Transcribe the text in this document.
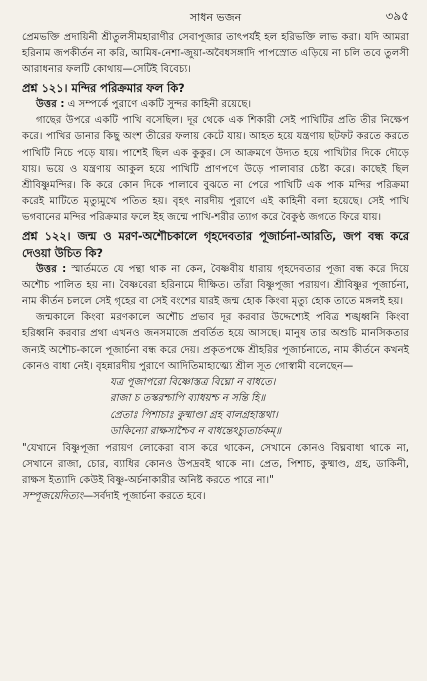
সাধন ভজন	৩৯৫

প্রেমভক্তি প্রদায়িনী শ্রীতুলসীমহারাণীর সেবাপূজার তাৎপর্যই হল হরিভক্তি লাভ করা। যদি আমরা হরিনাম জপকীর্তন না করি, আমিষ-নেশা-জুয়া-অবৈধসঙ্গাদি পাপস্রোত এড়িয়ে না চলি তবে তুলসী আরাধনার ফলটি কোথায়—সেটিই বিবেচ্য।

প্রশ্ন ১২১। মন্দির পরিক্রমার ফল কি?

উত্তর : এ সম্পর্কে পুরাণে একটি সুন্দর কাহিনী রয়েছে।

গাছের উপরে একটি পাখি বসেছিল। দূর থেকে এক শিকারী সেই পাখিটির প্রতি তীর নিক্ষেপ করে। পাখির ডানার কিছু অংশ তীরের ফলায় কেটে যায়। আহত হয়ে যন্ত্রণায় ছটফট করতে করতে পাখিটি নিচে পড়ে যায়। পাশেই ছিল এক কুকুর। সে আক্রমণে উদ্যত হয়ে পাখিটার দিকে দৌড়ে যায়। ভয়ে ও যন্ত্রণায় আকুল হয়ে পাখিটি প্রাণপণে উড়ে পালাবার চেষ্টা করে। কাছেই ছিল শ্রীবিষ্ণুমন্দির। কি করে কোন দিকে পালাবে বুঝতে না পেরে পাখিটি এক পাক মন্দির পরিক্রমা করেই মাটিতে মৃত্যুমুখে পতিত হয়। বৃহৎ নারদীয় পুরাণে এই কাহিনী বলা হয়েছে। সেই পাখি ভগবানের মন্দির পরিক্রমার ফলে ইহ জন্মে পাখি-শরীর ত্যাগ করে বৈকুণ্ঠ জগতে ফিরে যায়।

প্রশ্ন ১২২। জন্ম ও মরণ-অশৌচকালে গৃহদেবতার পূজার্চনা-আরতি, জপ বন্ধ করে দেওয়া উচিত কি?

উত্তর : স্মার্তমতে যে পন্থা থাক না কেন, বৈষ্ণবীয় ধারায় গৃহদেবতার পূজা বন্ধ করে দিয়ে অশৌচ পালিত হয় না। বৈষ্ণবেরা হরিনামে দীক্ষিত। তাঁরা বিষ্ণুপূজা পরায়ণ। শ্রীবিষ্ণুর পূজার্চনা, নাম কীর্তন চললে সেই গৃহের বা সেই বংশের যারই জন্ম হোক কিংবা মৃত্যু হোক তাতে মঙ্গলই হয়।

জন্মকালে কিংবা মরণকালে অশৌচ প্রভাব দূর করবার উদ্দেশ্যেই পবিত্র শঙ্খধ্বনি কিংবা হরিধ্বনি করবার প্রথা এখনও জনসমাজে প্রবর্তিত হয়ে আসছে। মানুষ তার অশুচি মানসিকতার জন্যই অশৌচ-কালে পূজার্চনা বন্ধ করে দেয়। প্রকৃতপক্ষে শ্রীহরির পূজার্চনাতে, নাম কীর্তনে কখনই কোনও বাধা নেই। বৃহন্নারদীয় পুরাণে আদিতিমাহাত্ম্যে শ্রীল সূত গোস্বামী বলেছেন—

যত্র পূজাপরো বিষ্ণোস্তত্র বিঘ্নো ন বাধতে।

রাজা চ তস্করশ্চাপি ব্যাধয়শ্চ ন সন্তি হি॥

প্রেতাঃ পিশাচাঃ কুষ্মাণ্ডা গ্রহ বালগ্রহাস্তথা।

ডাকিন্যো রাক্ষসাশ্চৈব ন বাধন্তেঽচ্যুতার্চকম্॥

"যেখানে বিষ্ণুপূজা পরায়ণ লোকেরা বাস করে থাকেন, সেখানে কোনও বিঘ্নবাধা থাকে না, সেখানে রাজা, চোর, ব্যাধির কোনও উপদ্রবই থাকে না। প্রেত, পিশাচ, কুষ্মাণ্ড, গ্রহ, ডাকিনী, রাক্ষস ইত্যাদি কেউই বিষ্ণু-অর্চনাকারীর অনিষ্ট করতে পারে না।"

সম্পূজয়েদিত্যং—সর্বদাই পূজার্চনা করতে হবে।
